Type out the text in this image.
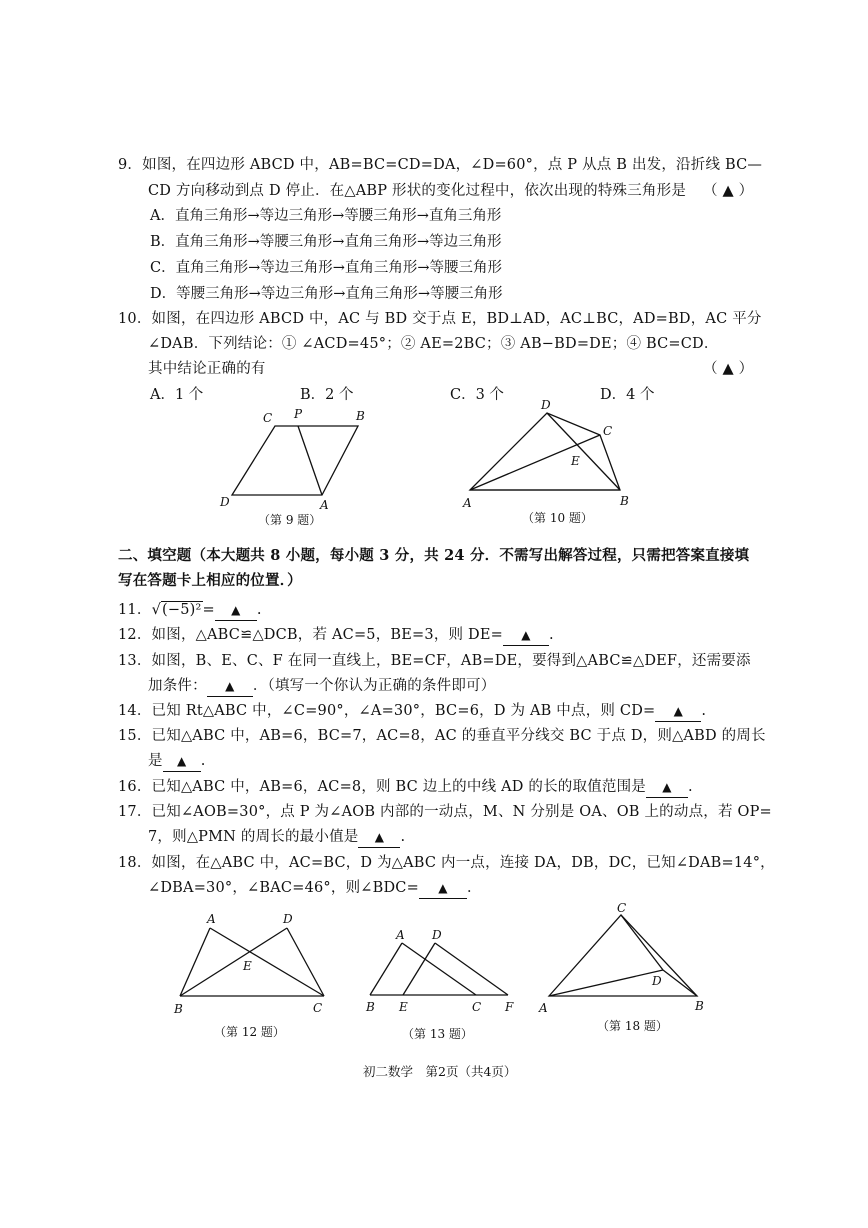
9．如图，在四边形 ABCD 中，AB=BC=CD=DA，∠D=60°，点 P 从点 B 出发，沿折线 BC—
CD 方向移动到点 D 停止．在△ABP 形状的变化过程中，依次出现的特殊三角形是 （ ▲ ）
A．直角三角形→等边三角形→等腰三角形→直角三角形
B．直角三角形→等腰三角形→直角三角形→等边三角形
C．直角三角形→等边三角形→直角三角形→等腰三角形
D．等腰三角形→等边三角形→直角三角形→等腰三角形
10．如图，在四边形 ABCD 中，AC 与 BD 交于点 E，BD⊥AD，AC⊥BC，AD=BD，AC 平分
∠DAB．下列结论：① ∠ACD=45°；② AE=2BC；③ AB−BD=DE；④ BC=CD．
其中结论正确的有	（ ▲ ）
A．1 个	B．2 个	C．3 个	D．4 个
C P	B
D	A
（第 9 题）
D
C
E
A	B
（第 10 题）
二、填空题（本大题共 8 小题，每小题 3 分，共 24 分．不需写出解答过程，只需把答案直接填
写在答题卡上相应的位置．）
11．√(−5)²= ▲ .
12．如图，△ABC≌△DCB，若 AC=5，BE=3，则 DE= ▲ .
13．如图，B、E、C、F 在同一直线上，BE=CF，AB=DE，要得到△ABC≌△DEF，还需要添
加条件： ▲ ．（填写一个你认为正确的条件即可）
14．已知 Rt△ABC 中，∠C=90°，∠A=30°，BC=6，D 为 AB 中点，则 CD= ▲ .
15．已知△ABC 中，AB=6，BC=7，AC=8，AC 的垂直平分线交 BC 于点 D，则△ABD 的周长
是 ▲ .
16．已知△ABC 中，AB=6，AC=8，则 BC 边上的中线 AD 的长的取值范围是 ▲ .
17．已知∠AOB=30°，点 P 为∠AOB 内部的一动点，M、N 分别是 OA、OB 上的动点，若 OP=
7，则△PMN 的周长的最小值是 ▲ .
18．如图，在△ABC 中，AC=BC，D 为△ABC 内一点，连接 DA，DB，DC，已知∠DAB=14°，
∠DBA=30°，∠BAC=46°，则∠BDC= ▲ ．
A	D
E
B	C
（第 12 题）
A D
B E	C F
（第 13 题）
C
D
A	B
（第 18 题）
初二数学　第2页（共4页）
